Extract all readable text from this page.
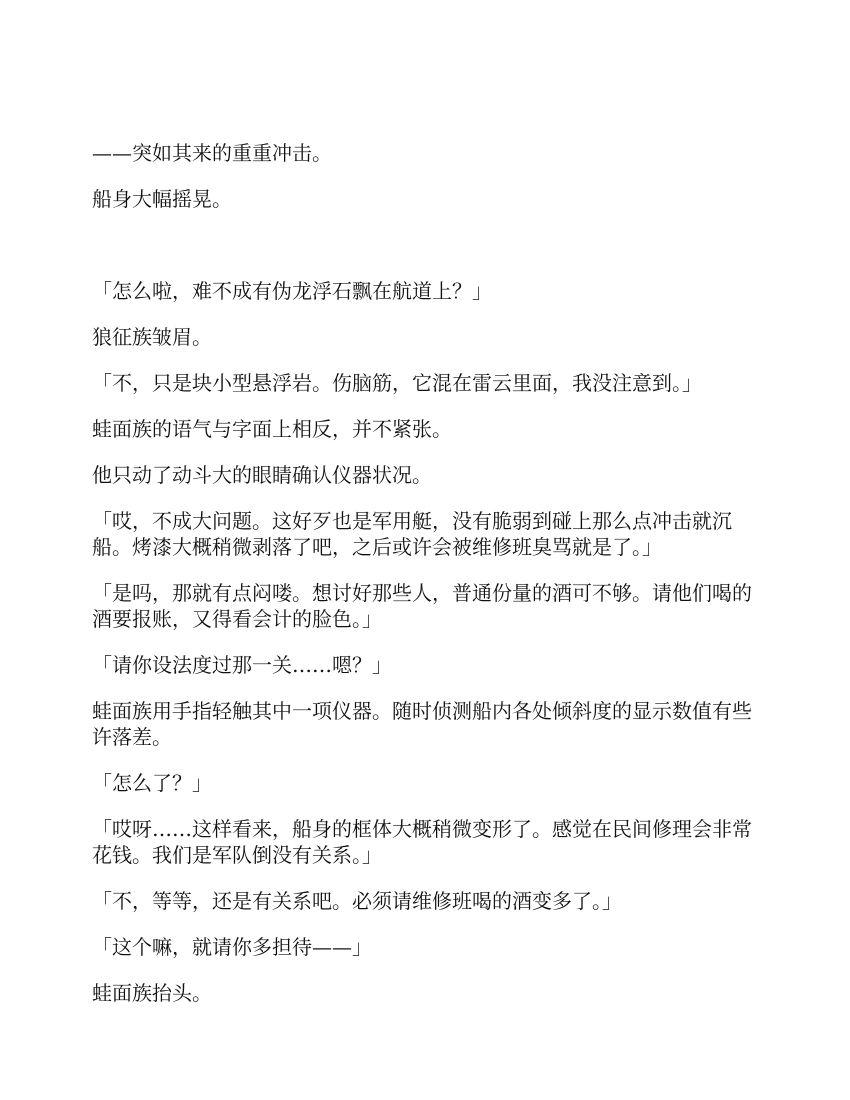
——突如其来的重重冲击。

船身大幅摇晃。

「怎么啦，难不成有伪龙浮石飘在航道上？」

狼征族皱眉。

「不，只是块小型悬浮岩。伤脑筋，它混在雷云里面，我没注意到。」

蛙面族的语气与字面上相反，并不紧张。

他只动了动斗大的眼睛确认仪器状况。

「哎，不成大问题。这好歹也是军用艇，没有脆弱到碰上那么点冲击就沉船。烤漆大概稍微剥落了吧，之后或许会被维修班臭骂就是了。」

「是吗，那就有点闷喽。想讨好那些人，普通份量的酒可不够。请他们喝的酒要报账，又得看会计的脸色。」

「请你设法度过那一关……嗯？」

蛙面族用手指轻触其中一项仪器。随时侦测船内各处倾斜度的显示数值有些许落差。

「怎么了？」

「哎呀……这样看来，船身的框体大概稍微变形了。感觉在民间修理会非常花钱。我们是军队倒没有关系。」

「不，等等，还是有关系吧。必须请维修班喝的酒变多了。」

「这个嘛，就请你多担待——」

蛙面族抬头。
